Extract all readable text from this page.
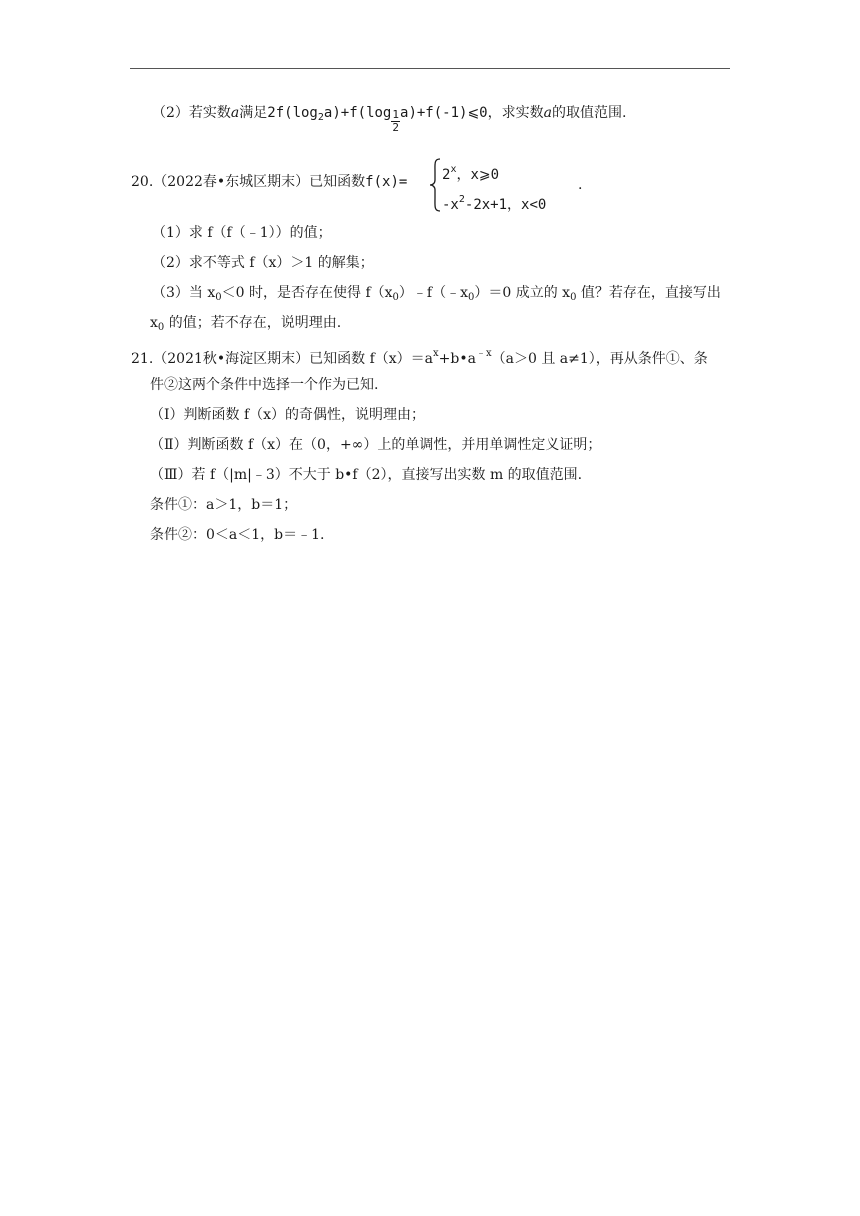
（2）若实数a满足$2f(\log_2a)+f(\log \frac{1}{2}$ a)+f(-1)⩽0，求实数a的取值范围.
20.（2022春•东城区期末）已知函数$f(x)= 2^x$，x⩾0
$-x^2-2x+1$，x<0
.
（1）求 f（f（﹣1））的值；
（2）求不等式 f（x）＞1 的解集；
（3）当 $x_0<0$ 时，是否存在使得 $f(x_0)﹣f(﹣x_0)=0$ 成立的 $x_0$ 值？若存在，直接写出
$x_0$ 的值；若不存在，说明理由.
21.（2021秋•海淀区期末）已知函数 $f(x)=a^x+b•a^{﹣x}(a>0$ 且 a≠1），再从条件①、条
件②这两个条件中选择一个作为已知.
（Ⅰ）判断函数 f（x）的奇偶性，说明理由；
（Ⅱ）判断函数 f（x）在（0，+∞）上的单调性，并用单调性定义证明；
（Ⅲ）若 f（|m|﹣3）不大于 b•f（2），直接写出实数 m 的取值范围.
条件①：a＞1，b＝1；
条件②：0＜a＜1，b＝﹣1.
